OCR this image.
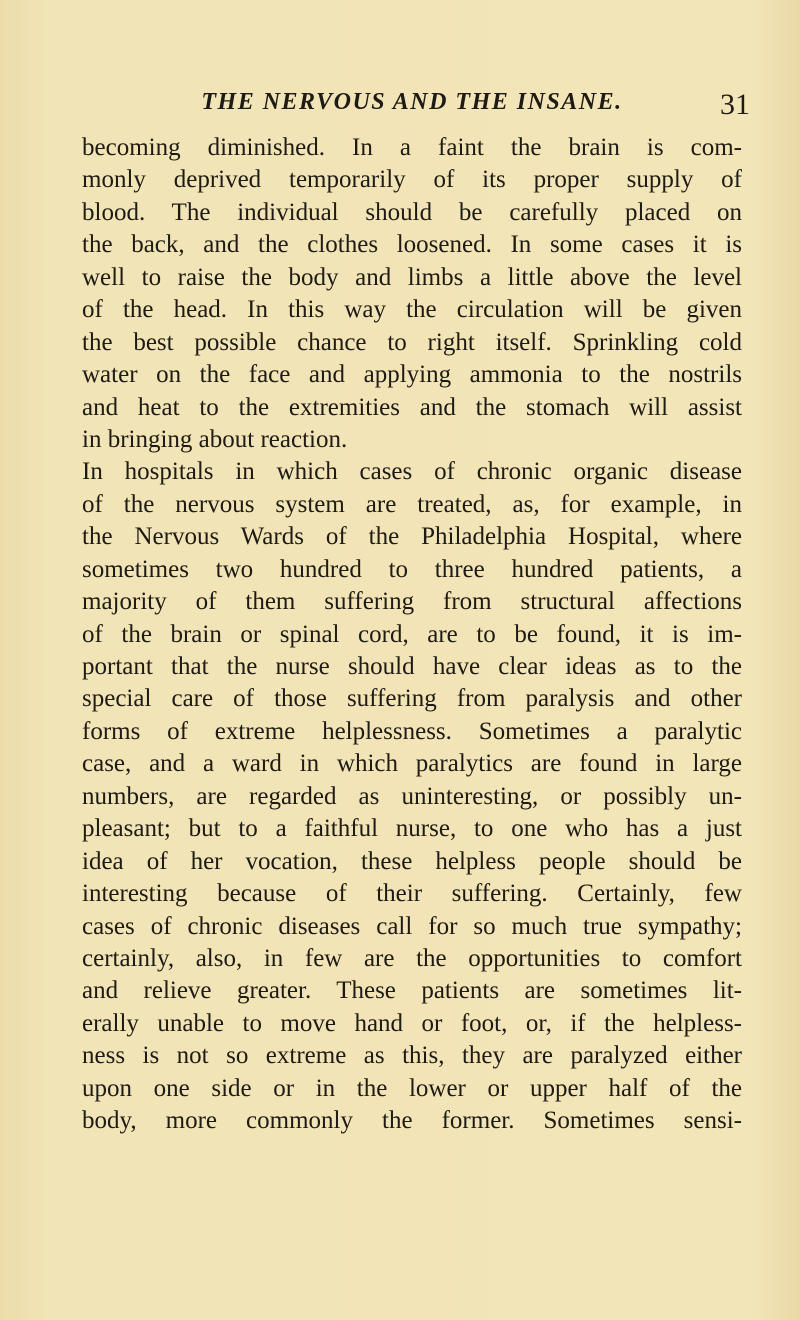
THE NERVOUS AND THE INSANE.	31
becoming diminished. In a faint the brain is com-
monly deprived temporarily of its proper supply of
blood. The individual should be carefully placed on
the back, and the clothes loosened. In some cases it is
well to raise the body and limbs a little above the level
of the head. In this way the circulation will be given
the best possible chance to right itself. Sprinkling cold
water on the face and applying ammonia to the nostrils
and heat to the extremities and the stomach will assist
in bringing about reaction.
In hospitals in which cases of chronic organic disease
of the nervous system are treated, as, for example, in
the Nervous Wards of the Philadelphia Hospital, where
sometimes two hundred to three hundred patients, a
majority of them suffering from structural affections
of the brain or spinal cord, are to be found, it is im-
portant that the nurse should have clear ideas as to the
special care of those suffering from paralysis and other
forms of extreme helplessness. Sometimes a paralytic
case, and a ward in which paralytics are found in large
numbers, are regarded as uninteresting, or possibly un-
pleasant; but to a faithful nurse, to one who has a just
idea of her vocation, these helpless people should be
interesting because of their suffering. Certainly, few
cases of chronic diseases call for so much true sympathy;
certainly, also, in few are the opportunities to comfort
and relieve greater. These patients are sometimes lit-
erally unable to move hand or foot, or, if the helpless-
ness is not so extreme as this, they are paralyzed either
upon one side or in the lower or upper half of the
body, more commonly the former. Sometimes sensi-
